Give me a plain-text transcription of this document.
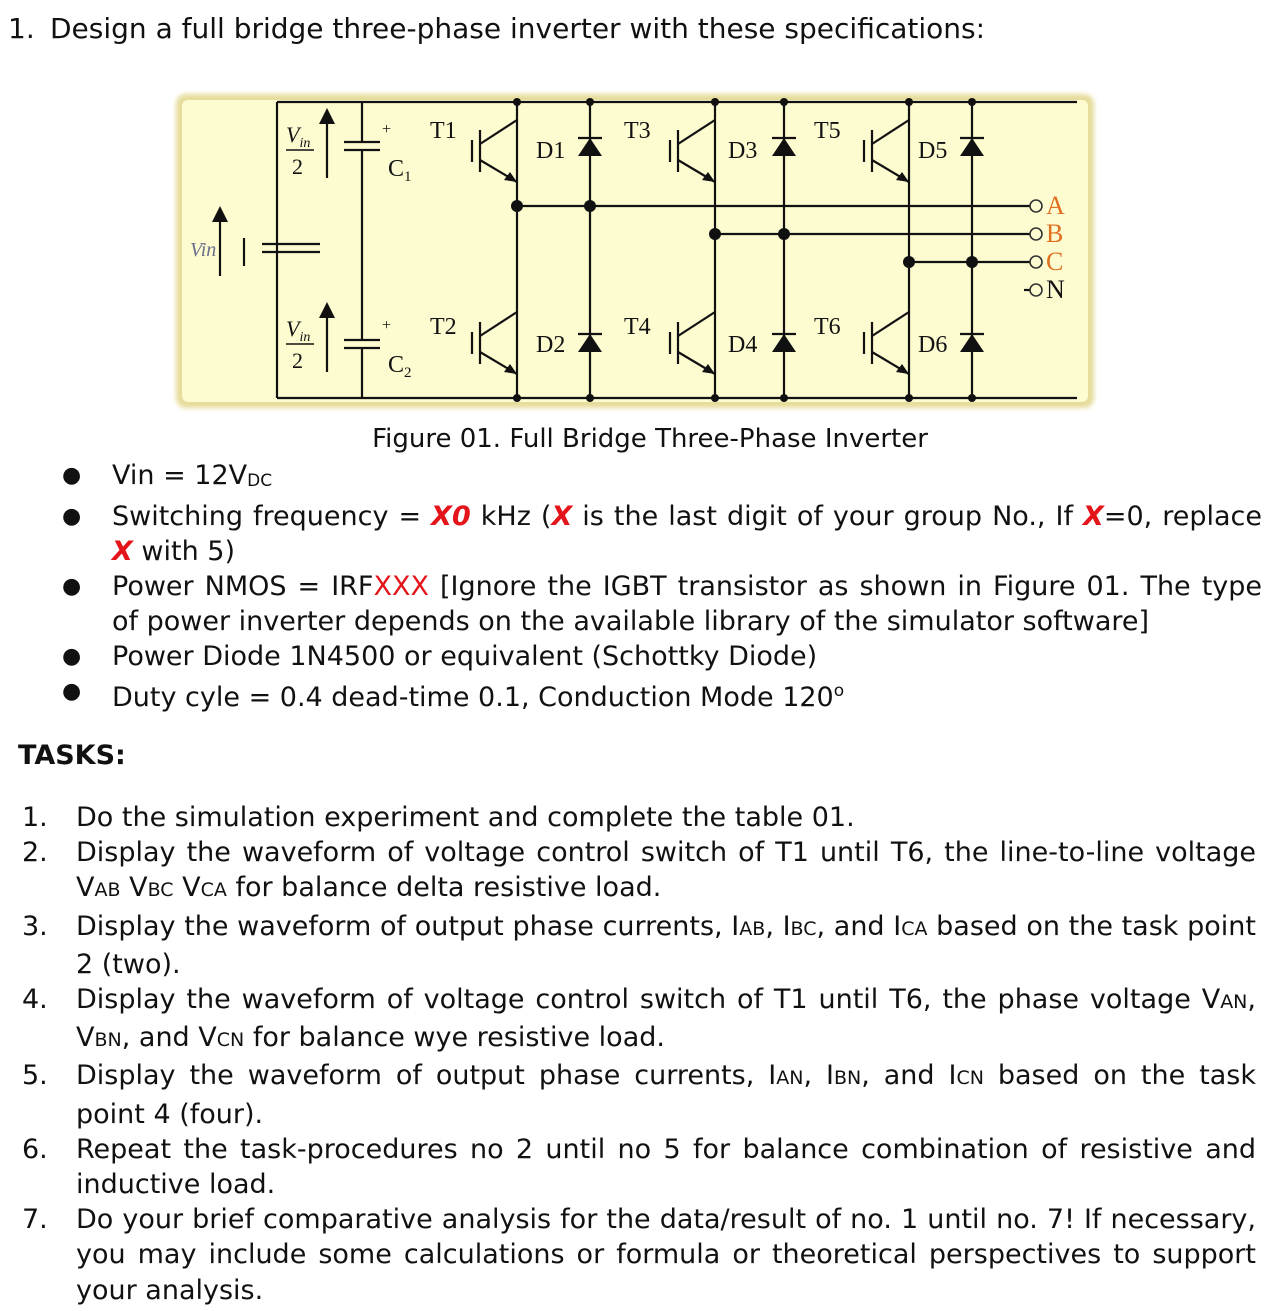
1. Design a full bridge three-phase inverter with these specifications:
Vin
$V_{in}$
2
$V_{in}$
2
+
+
$C_1$
$C_2$
T1	T3	T5
T2	T4	T6
D1	D3	D5
D2	D4	D6
A
B
C
N
Figure 01. Full Bridge Three-Phase Inverter
● Vin = $12V_{DC}$
● Switching frequency = X0 kHz (X is the last digit of your group No., If X=0, replace X with 5)
● Power NMOS = IRFXXX [Ignore the IGBT transistor as shown in Figure 01. The type of power inverter depends on the available library of the simulator software]
● Power Diode 1N4500 or equivalent (Schottky Diode)
● Duty cyle = 0.4 dead-time 0.1, Conduction Mode 120$^o$
TASKS:
1. Do the simulation experiment and complete the table 01.
2. Display the waveform of voltage control switch of T1 until T6, the line-to-line voltage VAB VBC VCA for balance delta resistive load.
3. Display the waveform of output phase currents, IAB, IBC, and ICA based on the task point 2 (two).
4. Display the waveform of voltage control switch of T1 until T6, the phase voltage VAN, VBN, and VCN for balance wye resistive load.
5. Display the waveform of output phase currents, IAN, IBN, and ICN based on the task point 4 (four).
6. Repeat the task-procedures no 2 until no 5 for balance combination of resistive and inductive load.
7. Do your brief comparative analysis for the data/result of no. 1 until no. 7! If necessary, you may include some calculations or formula or theoretical perspectives to support your analysis.
